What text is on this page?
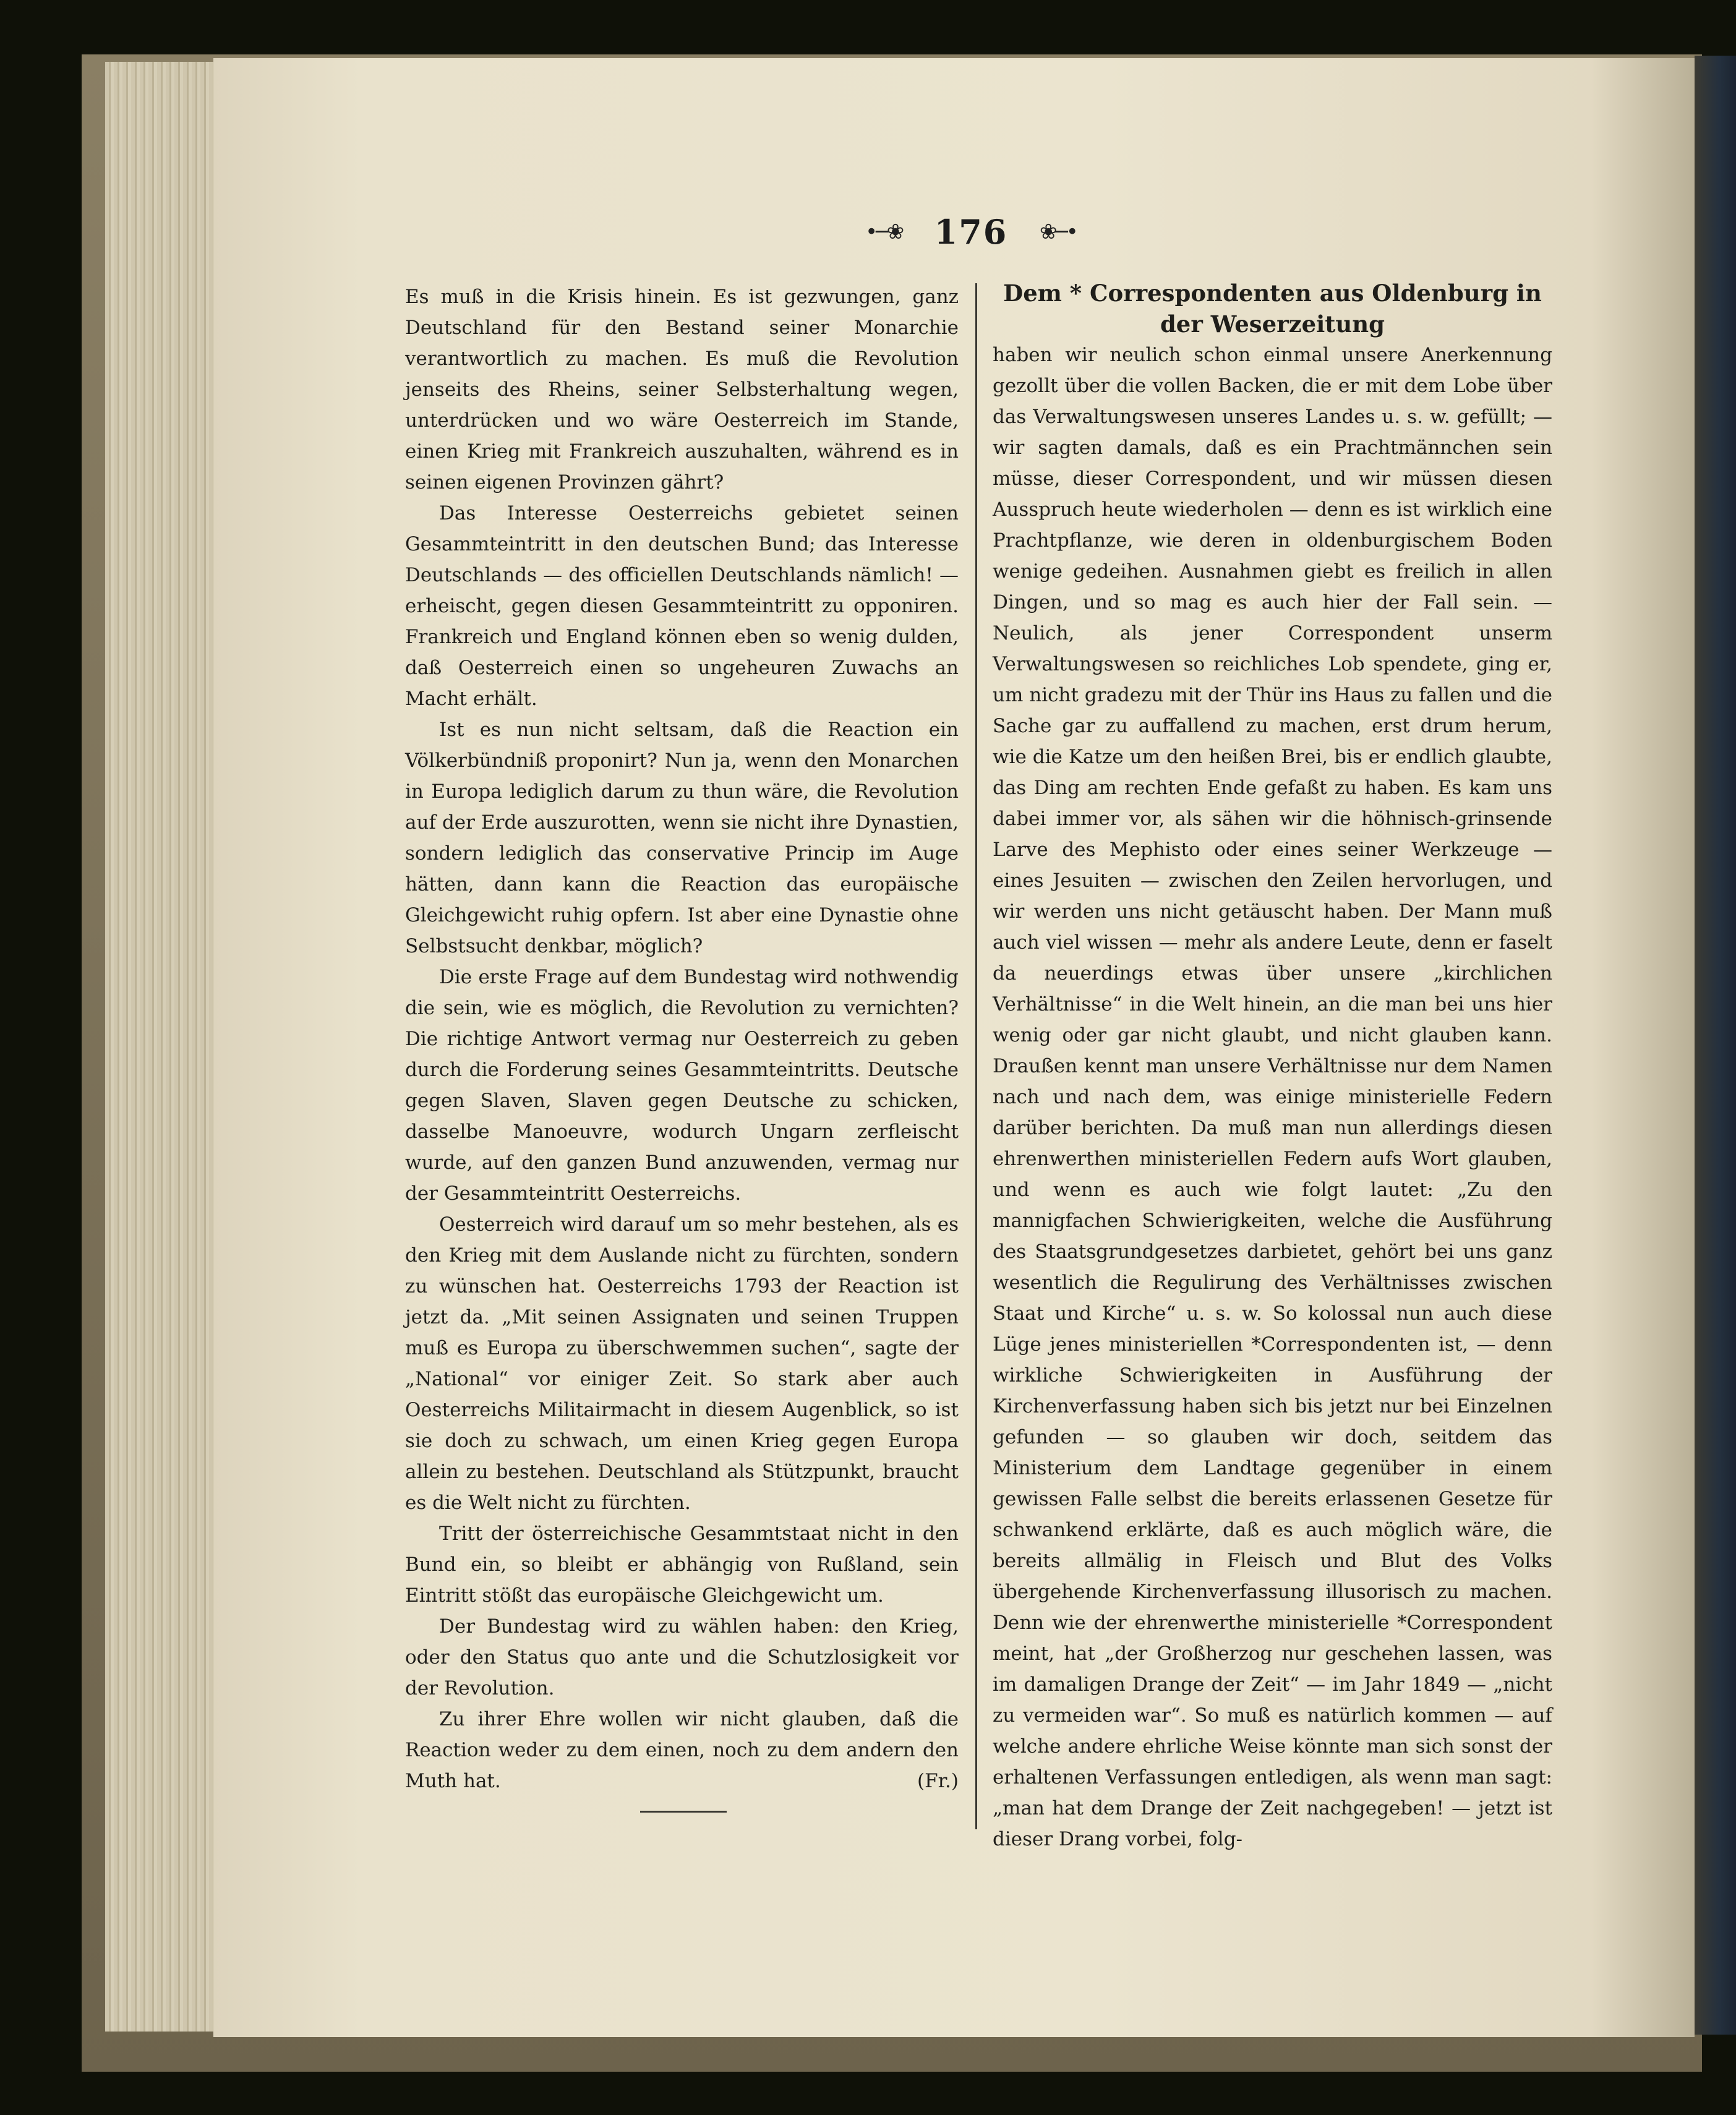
•─❀ 176	❀─•

Es muß in die Krisis hinein. Es ist gezwungen, ganz Deutschland für den Bestand seiner Monarchie verantwortlich zu machen. Es muß die Revolution jenseits des Rheins, seiner Selbsterhaltung wegen, unterdrücken und wo wäre Oesterreich im Stande, einen Krieg mit Frankreich auszuhalten, während es in seinen eigenen Provinzen gährt?

Das Interesse Oesterreichs gebietet seinen Gesammteintritt in den deutschen Bund; das Interesse Deutschlands — des officiellen Deutschlands nämlich! — erheischt, gegen diesen Gesammteintritt zu opponiren. Frankreich und England können eben so wenig dulden, daß Oesterreich einen so ungeheuren Zuwachs an Macht erhält.

Ist es nun nicht seltsam, daß die Reaction ein Völkerbündniß proponirt? Nun ja, wenn den Monarchen in Europa lediglich darum zu thun wäre, die Revolution auf der Erde auszurotten, wenn sie nicht ihre Dynastien, sondern lediglich das conservative Princip im Auge hätten, dann kann die Reaction das europäische Gleichgewicht ruhig opfern. Ist aber eine Dynastie ohne Selbstsucht denkbar, möglich?

Die erste Frage auf dem Bundestag wird nothwendig die sein, wie es möglich, die Revolution zu vernichten? Die richtige Antwort vermag nur Oesterreich zu geben durch die Forderung seines Gesammteintritts. Deutsche gegen Slaven, Slaven gegen Deutsche zu schicken, dasselbe Manoeuvre, wodurch Ungarn zerfleischt wurde, auf den ganzen Bund anzuwenden, vermag nur der Gesammteintritt Oesterreichs.

Oesterreich wird darauf um so mehr bestehen, als es den Krieg mit dem Auslande nicht zu fürchten, sondern zu wünschen hat. Oesterreichs 1793 der Reaction ist jetzt da. „Mit seinen Assignaten und seinen Truppen muß es Europa zu überschwemmen suchen“, sagte der „National“ vor einiger Zeit. So stark aber auch Oesterreichs Militairmacht in diesem Augenblick, so ist sie doch zu schwach, um einen Krieg gegen Europa allein zu bestehen. Deutschland als Stützpunkt, braucht es die Welt nicht zu fürchten.

Tritt der österreichische Gesammtstaat nicht in den Bund ein, so bleibt er abhängig von Rußland, sein Eintritt stößt das europäische Gleichgewicht um.

Der Bundestag wird zu wählen haben: den Krieg, oder den Status quo ante und die Schutzlosigkeit vor der Revolution.

Zu ihrer Ehre wollen wir nicht glauben, daß die Reaction weder zu dem einen, noch zu dem andern den Muth hat.	(Fr.)

Dem * Correspondenten aus Oldenburg in der Weserzeitung

haben wir neulich schon einmal unsere Anerkennung gezollt über die vollen Backen, die er mit dem Lobe über das Verwaltungswesen unseres Landes u. s. w. gefüllt; — wir sagten damals, daß es ein Prachtmännchen sein müsse, dieser Correspondent, und wir müssen diesen Ausspruch heute wiederholen — denn es ist wirklich eine Prachtpflanze, wie deren in oldenburgischem Boden wenige gedeihen. Ausnahmen giebt es freilich in allen Dingen, und so mag es auch hier der Fall sein. — Neulich, als jener Correspondent unserm Verwaltungswesen so reichliches Lob spendete, ging er, um nicht gradezu mit der Thür ins Haus zu fallen und die Sache gar zu auffallend zu machen, erst drum herum, wie die Katze um den heißen Brei, bis er endlich glaubte, das Ding am rechten Ende gefaßt zu haben. Es kam uns dabei immer vor, als sähen wir die höhnisch-grinsende Larve des Mephisto oder eines seiner Werkzeuge — eines Jesuiten — zwischen den Zeilen hervorlugen, und wir werden uns nicht getäuscht haben. Der Mann muß auch viel wissen — mehr als andere Leute, denn er faselt da neuerdings etwas über unsere „kirchlichen Verhältnisse“ in die Welt hinein, an die man bei uns hier wenig oder gar nicht glaubt, und nicht glauben kann. Draußen kennt man unsere Verhältnisse nur dem Namen nach und nach dem, was einige ministerielle Federn darüber berichten. Da muß man nun allerdings diesen ehrenwerthen ministeriellen Federn aufs Wort glauben, und wenn es auch wie folgt lautet: „Zu den mannigfachen Schwierigkeiten, welche die Ausführung des Staatsgrundgesetzes darbietet, gehört bei uns ganz wesentlich die Regulirung des Verhältnisses zwischen Staat und Kirche“ u. s. w. So kolossal nun auch diese Lüge jenes ministeriellen *Correspondenten ist, — denn wirkliche Schwierigkeiten in Ausführung der Kirchenverfassung haben sich bis jetzt nur bei Einzelnen gefunden — so glauben wir doch, seitdem das Ministerium dem Landtage gegenüber in einem gewissen Falle selbst die bereits erlassenen Gesetze für schwankend erklärte, daß es auch möglich wäre, die bereits allmälig in Fleisch und Blut des Volks übergehende Kirchenverfassung illusorisch zu machen. Denn wie der ehrenwerthe ministerielle *Correspondent meint, hat „der Großherzog nur geschehen lassen, was im damaligen Drange der Zeit“ — im Jahr 1849 — „nicht zu vermeiden war“. So muß es natürlich kommen — auf welche andere ehrliche Weise könnte man sich sonst der erhaltenen Verfassungen entledigen, als wenn man sagt: „man hat dem Drange der Zeit nachgegeben! — jetzt ist dieser Drang vorbei, folg-
